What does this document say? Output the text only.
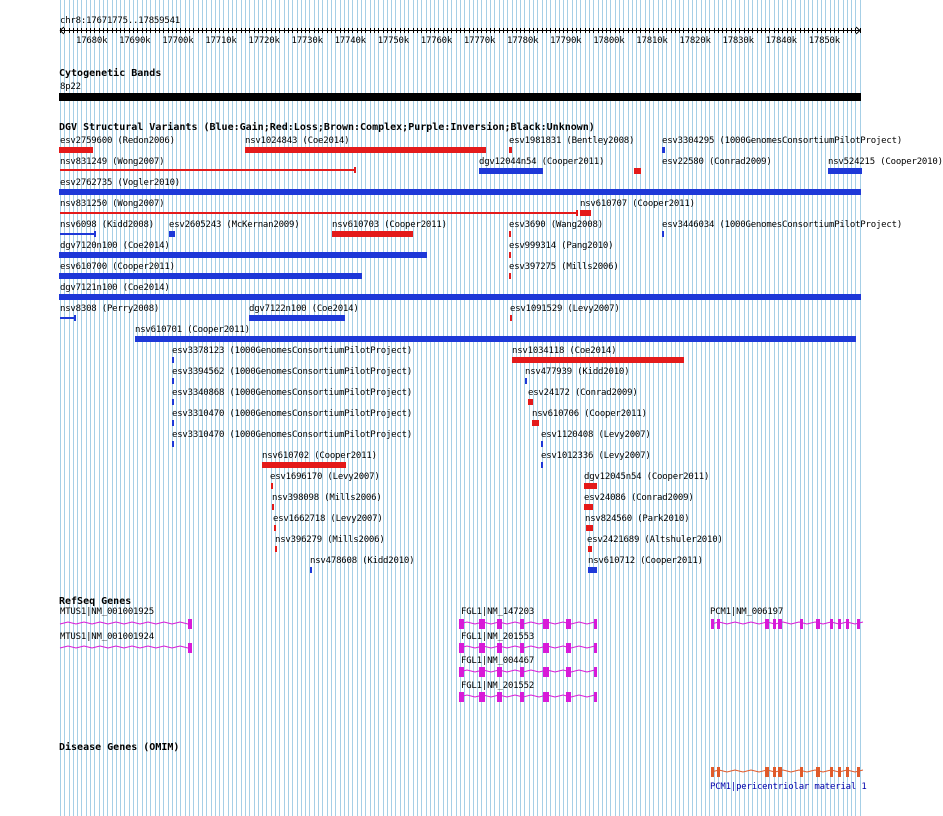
chr8:17671775..17859541
17680k 17690k 17700k 17710k 17720k 17730k 17740k 17750k 17760k 17770k 17780k 17790k 17800k 17810k 17820k 17830k 17840k 17850k
Cytogenetic Bands
8p22
DGV Structural Variants (Blue:Gain;Red:Loss;Brown:Complex;Purple:Inversion;Black:Unknown)
esv2759600 (Redon2006)	nsv1024843 (Coe2014)	esv1981831 (Bentley2008)	esv3304295 (1000GenomesConsortiumPilotProject)
nsv831249 (Wong2007)	dgv12044n54 (Cooper2011)	esv22580 (Conrad2009)	nsv524215 (Cooper2010)
esv2762735 (Vogler2010)
nsv831250 (Wong2007)	nsv610707 (Cooper2011)
nsv6098 (Kidd2008) esv2605243 (McKernan2009)	nsv610703 (Cooper2011)	esv3690 (Wang2008)	esv3446034 (1000GenomesConsortiumPilotProject)
dgv7120n100 (Coe2014)	esv999314 (Pang2010)
esv610700 (Cooper2011)	esv397275 (Mills2006)
dgv7121n100 (Coe2014)
nsv8308 (Perry2008)	dgv7122n100 (Coe2014)	esv1091529 (Levy2007)
nsv610701 (Cooper2011)
esv3378123 (1000GenomesConsortiumPilotProject)	nsv1034118 (Coe2014)
esv3394562 (1000GenomesConsortiumPilotProject)	nsv477939 (Kidd2010)
esv3340868 (1000GenomesConsortiumPilotProject)	esv24172 (Conrad2009)
esv3310470 (1000GenomesConsortiumPilotProject)	nsv610706 (Cooper2011)
esv3310470 (1000GenomesConsortiumPilotProject)	esv1120408 (Levy2007)
esv1012336 (Levy2007)
nsv610702 (Cooper2011)
esv1696170 (Levy2007)	dgv12045n54 (Cooper2011)
nsv398098 (Mills2006)	esv24086 (Conrad2009)
esv1662718 (Levy2007)	nsv824560 (Park2010)
nsv396279 (Mills2006)	esv2421689 (Altshuler2010)
nsv478608 (Kidd2010)	nsv610712 (Cooper2011)
RefSeq Genes
MTUS1|NM_001001925
MTUS1|NM_001001924
FGL1|NM_147203
FGL1|NM_201553
FGL1|NM_004467
FGL1|NM_201552
PCM1|NM_006197
Disease Genes (OMIM)
PCM1|pericentriolar material 1
